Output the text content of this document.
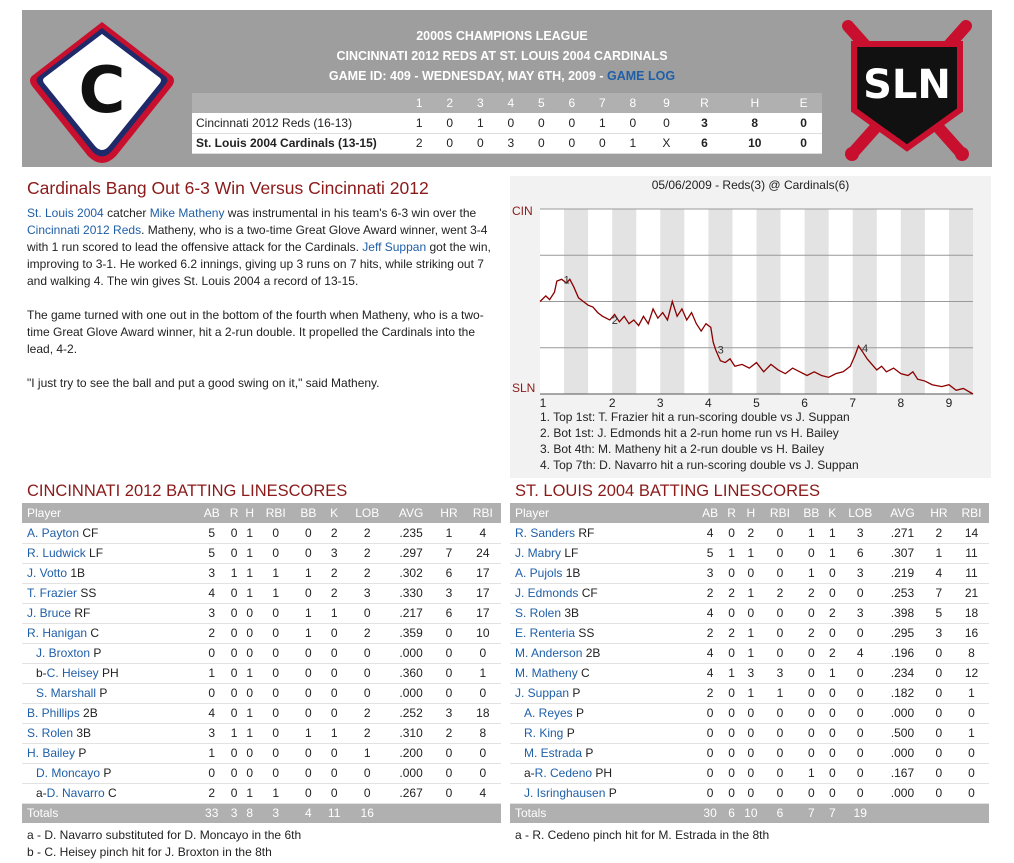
C
2000S CHAMPIONS LEAGUE
CINCINNATI 2012 REDS AT ST. LOUIS 2004 CARDINALS
GAME ID: 409 - WEDNESDAY, MAY 6TH, 2009 - GAME LOG
	1	2	3	4	5	6	7	8	9	R	H	E
Cincinnati 2012 Reds (16-13)	1	0	1	0	0	0	1	0	0	3	8	0
St. Louis 2004 Cardinals (13-15)	2	0	0	3	0	0	0	1	X	6	10	0
SLN
Cardinals Bang Out 6-3 Win Versus Cincinnati 2012

St. Louis 2004 catcher Mike Matheny was instrumental in his team's 6-3 win over the Cincinnati 2012 Reds. Matheny, who is a two-time Great Glove Award winner, went 3-4 with 1 run scored to lead the offensive attack for the Cardinals. Jeff Suppan got the win, improving to 3-1. He worked 6.2 innings, giving up 3 runs on 7 hits, while striking out 7 and walking 4. The win gives St. Louis 2004 a record of 13-15.

The game turned with one out in the bottom of the fourth when Matheny, who is a two-time Great Glove Award winner, hit a 2-run double. It propelled the Cardinals into the lead, 4-2.

"I just try to see the ball and put a good swing on it," said Matheny.

CIN
SLN
1	2	3	4	5	6	7	8	9
1
2
3	4
05/06/2009 - Reds(3) @ Cardinals(6)
1. Top 1st: T. Frazier hit a run-scoring double vs J. Suppan
2. Bot 1st: J. Edmonds hit a 2-run home run vs H. Bailey
3. Bot 4th: M. Matheny hit a 2-run double vs H. Bailey
4. Top 7th: D. Navarro hit a run-scoring double vs J. Suppan
CINCINNATI 2012 BATTING LINESCORES
Player	AB	R	H	RBI	BB	K	LOB	AVG	HR	RBI
A. Payton CF	5	0	1	0	0	2	2	.235	1	4
R. Ludwick LF	5	0	1	0	0	3	2	.297	7	24
J. Votto 1B	3	1	1	1	1	2	2	.302	6	17
T. Frazier SS	4	0	1	1	0	2	3	.330	3	17
J. Bruce RF	3	0	0	0	1	1	0	.217	6	17
R. Hanigan C	2	0	0	0	1	0	2	.359	0	10
J. Broxton P	0	0	0	0	0	0	0	.000	0	0
b-C. Heisey PH	1	0	1	0	0	0	0	.360	0	1
S. Marshall P	0	0	0	0	0	0	0	.000	0	0
B. Phillips 2B	4	0	1	0	0	0	2	.252	3	18
S. Rolen 3B	3	1	1	0	1	1	2	.310	2	8
H. Bailey P	1	0	0	0	0	0	1	.200	0	0
D. Moncayo P	0	0	0	0	0	0	0	.000	0	0
a-D. Navarro C	2	0	1	1	0	0	0	.267	0	4
Totals	33	3	8	3	4	11	16			
a - D. Navarro substituted for D. Moncayo in the 6th
b - C. Heisey pinch hit for J. Broxton in the 8th
ST. LOUIS 2004 BATTING LINESCORES
Player	AB	R	H	RBI	BB	K	LOB	AVG	HR	RBI
R. Sanders RF	4	0	2	0	1	1	3	.271	2	14
J. Mabry LF	5	1	1	0	0	1	6	.307	1	11
A. Pujols 1B	3	0	0	0	1	0	3	.219	4	11
J. Edmonds CF	2	2	1	2	2	0	0	.253	7	21
S. Rolen 3B	4	0	0	0	0	2	3	.398	5	18
E. Renteria SS	2	2	1	0	2	0	0	.295	3	16
M. Anderson 2B	4	0	1	0	0	2	4	.196	0	8
M. Matheny C	4	1	3	3	0	1	0	.234	0	12
J. Suppan P	2	0	1	1	0	0	0	.182	0	1
A. Reyes P	0	0	0	0	0	0	0	.000	0	0
R. King P	0	0	0	0	0	0	0	.500	0	1
M. Estrada P	0	0	0	0	0	0	0	.000	0	0
a-R. Cedeno PH	0	0	0	0	1	0	0	.167	0	0
J. Isringhausen P	0	0	0	0	0	0	0	.000	0	0
Totals	30	6	10	6	7	7	19			
a - R. Cedeno pinch hit for M. Estrada in the 8th
